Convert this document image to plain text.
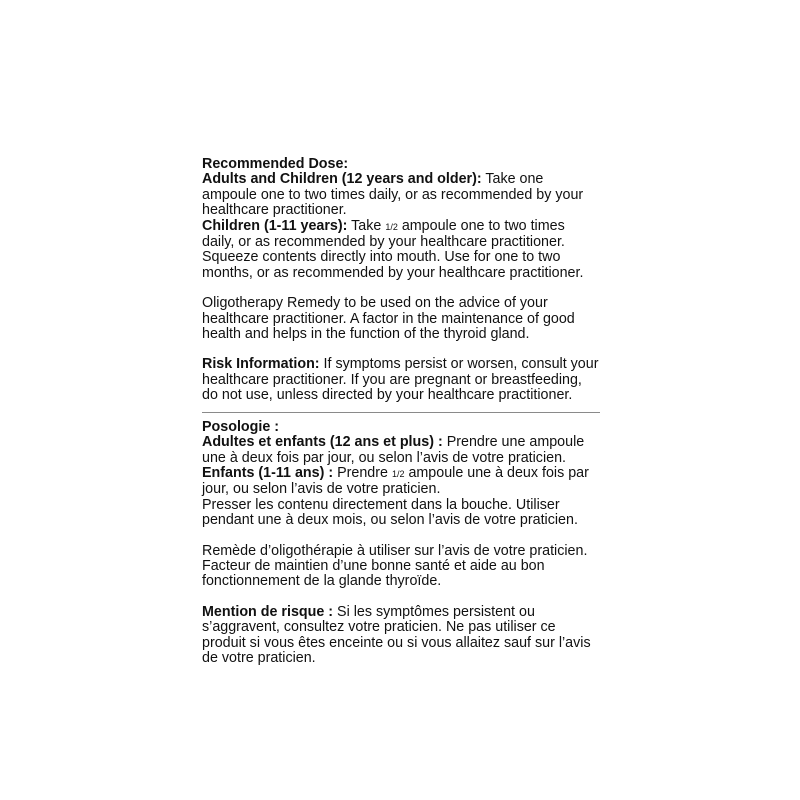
Recommended Dose:
Adults and Children (12 years and older): Take one ampoule one to two times daily, or as recommended by your healthcare practitioner.
Children (1-11 years): Take 1/2 ampoule one to two times daily, or as recommended by your healthcare practitioner.
Squeeze contents directly into mouth. Use for one to two months, or as recommended by your healthcare practitioner.

Oligotherapy Remedy to be used on the advice of your healthcare practitioner. A factor in the maintenance of good health and helps in the function of the thyroid gland.

Risk Information: If symptoms persist or worsen, consult your healthcare practitioner. If you are pregnant or breastfeeding, do not use, unless directed by your healthcare practitioner.

Posologie :
Adultes et enfants (12 ans et plus) : Prendre une ampoule une à deux fois par jour, ou selon l’avis de votre praticien.
Enfants (1-11 ans) : Prendre 1/2 ampoule une à deux fois par jour, ou selon l’avis de votre praticien.
Presser les contenu directement dans la bouche. Utiliser pendant une à deux mois, ou selon l’avis de votre praticien.

Remède d’oligothérapie à utiliser sur l’avis de votre praticien. Facteur de maintien d’une bonne santé et aide au bon fonctionnement de la glande thyroïde.

Mention de risque : Si les symptômes persistent ou s’aggravent, consultez votre praticien. Ne pas utiliser ce produit si vous êtes enceinte ou si vous allaitez sauf sur l’avis de votre praticien.
